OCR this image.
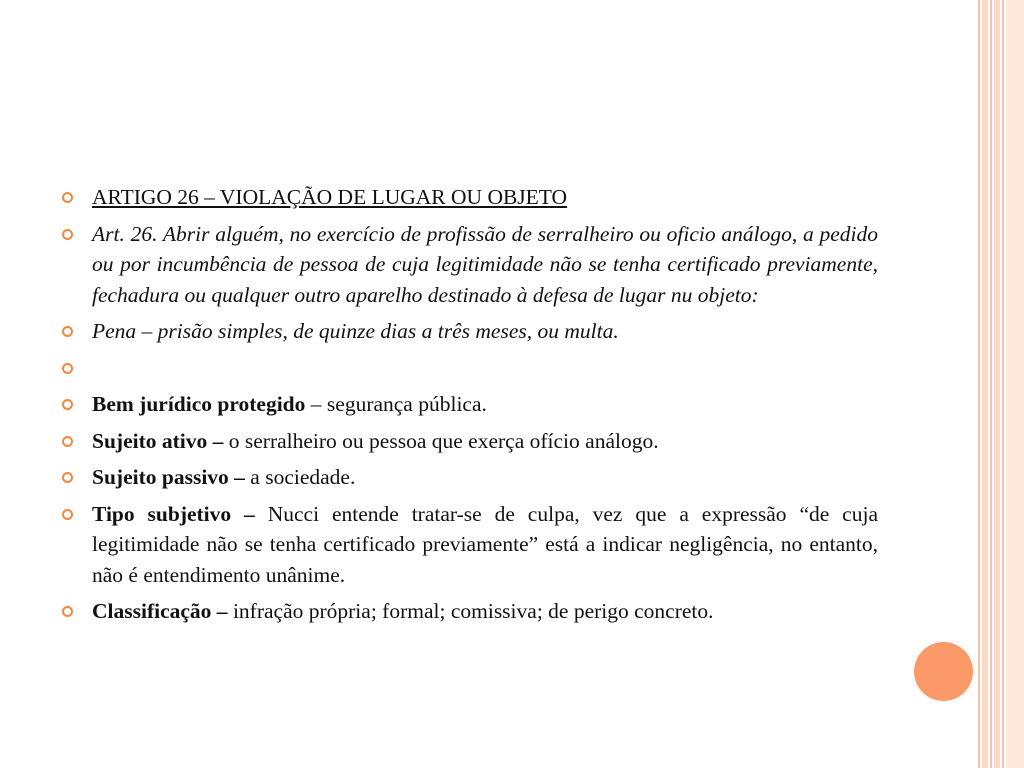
ARTIGO 26 – VIOLAÇÃO DE LUGAR OU OBJETO
Art. 26. Abrir alguém, no exercício de profissão de serralheiro ou oficio análogo, a pedido ou por incumbência de pessoa de cuja legitimidade não se tenha certificado previamente, fechadura ou qualquer outro aparelho destinado à defesa de lugar nu objeto:
Pena – prisão simples, de quinze dias a três meses, ou multa.
Bem jurídico protegido – segurança pública.
Sujeito ativo – o serralheiro ou pessoa que exerça ofício análogo.
Sujeito passivo – a sociedade.
Tipo subjetivo – Nucci entende tratar-se de culpa, vez que a expressão “de cuja legitimidade não se tenha certificado previamente” está a indicar negligência, no entanto, não é entendimento unânime.
Classificação – infração própria; formal; comissiva; de perigo concreto.
